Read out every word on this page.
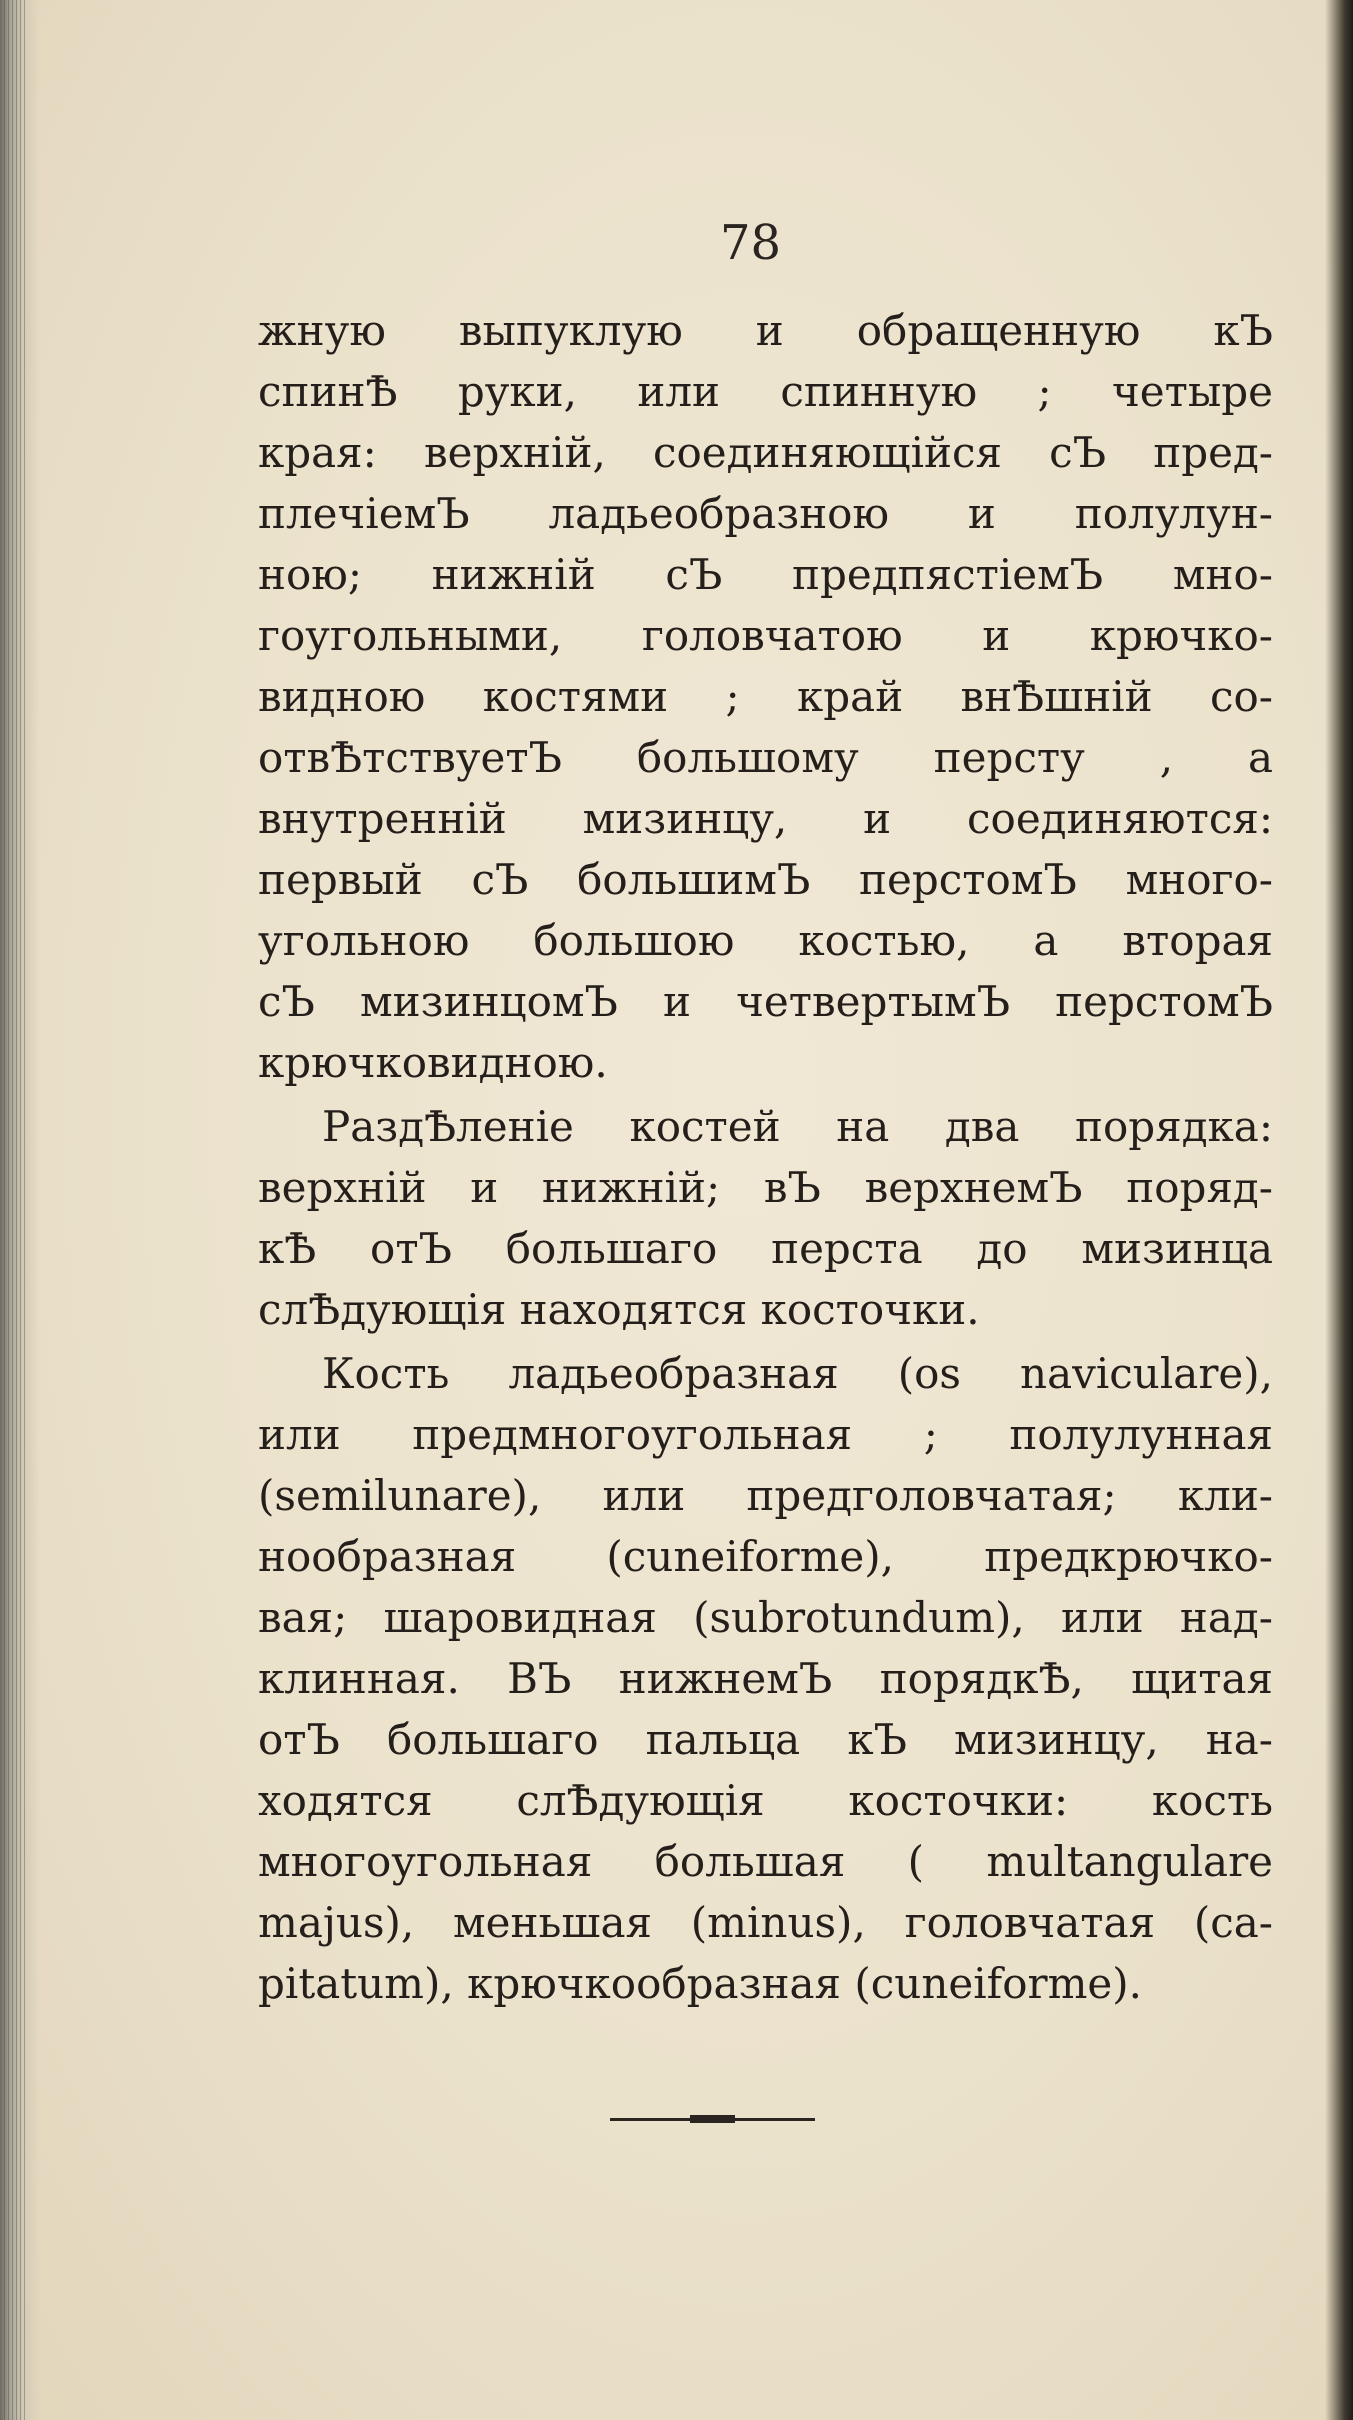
78
жную выпуклую и обращенную кЪ
спинѢ руки, или спинную ; четыре
края: верхній, соединяющійся сЪ пред-
плечіемЪ ладьеобразною и полулун-
ною; нижній сЪ предпястіемЪ мно-
гоугольными, головчатою и крючко-
видною костями ; край внѢшній со-
отвѢтствуетЪ большому персту , а
внутренній мизинцу, и соединяются:
первый сЪ большимЪ перстомЪ много-
угольною большою костью, а вторая
сЪ мизинцомЪ и четвертымЪ перстомЪ
крючковидною.
РаздѢленіе костей на два порядка:
верхній и нижній; вЪ верхнемЪ поряд-
кѢ отЪ большаго перста до мизинца
слѢдующія находятся косточки.
Кость ладьеобразная (os naviculare),
или предмногоугольная ; полулунная
(semilunare), или предголовчатая; кли-
нообразная (cuneiforme), предкрючко-
вая; шаровидная (subrotundum), или над-
клинная. ВЪ нижнемЪ порядкѢ, щитая
отЪ большаго пальца кЪ мизинцу, на-
ходятся слѢдующія косточки: кость
многоугольная большая ( multangulare
majus), меньшая (minus), головчатая (ca-
pitatum), крючкообразная (cuneiforme).
